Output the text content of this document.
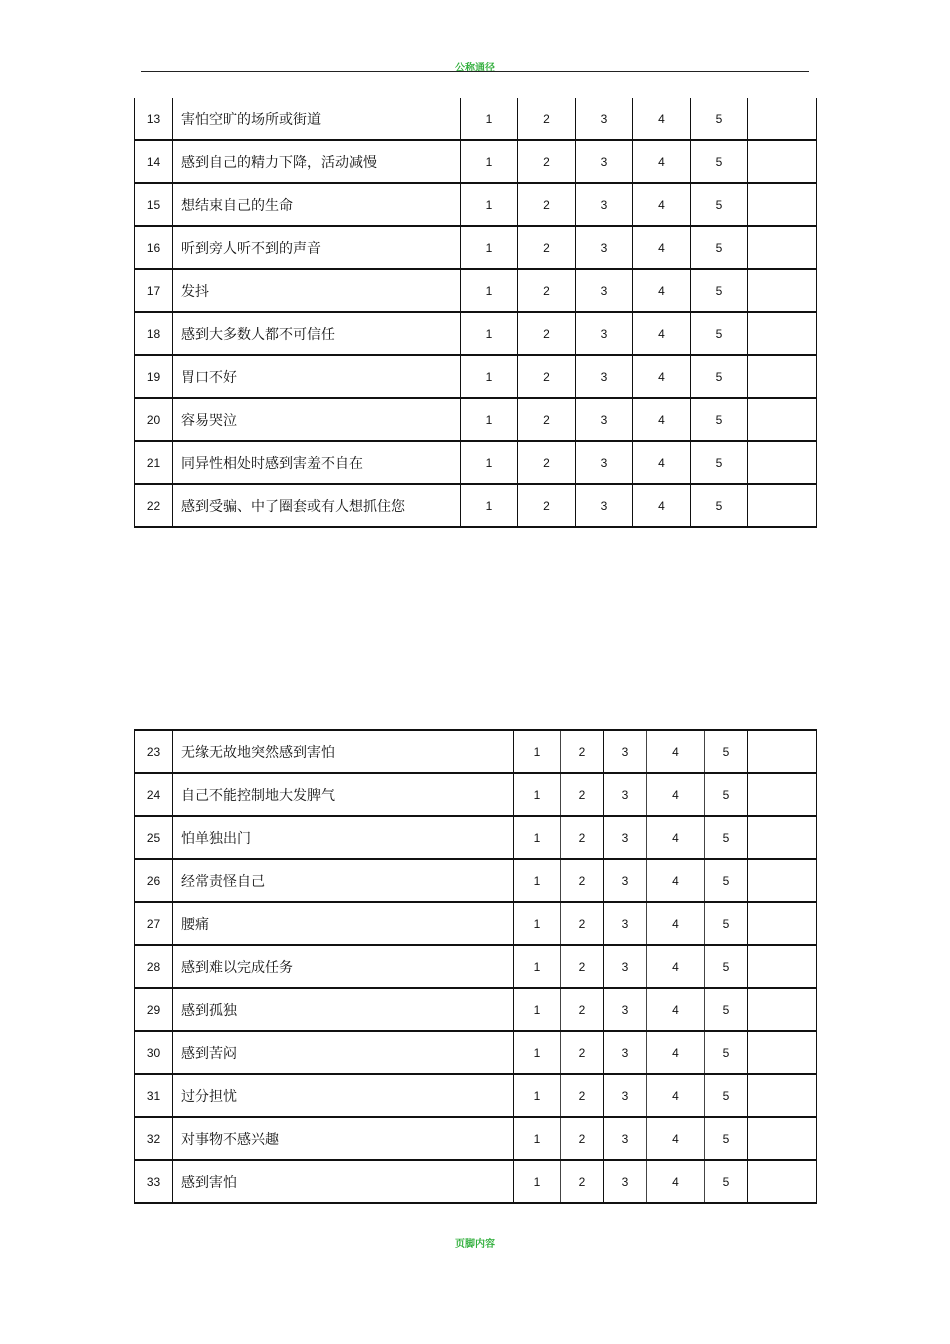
公称通径
13	害怕空旷的场所或街道	1	2	3	4	5	
14	感到自己的精力下降，活动减慢	1	2	3	4	5	
15	想结束自己的生命	1	2	3	4	5	
16	听到旁人听不到的声音	1	2	3	4	5	
17	发抖	1	2	3	4	5	
18	感到大多数人都不可信任	1	2	3	4	5	
19	胃口不好	1	2	3	4	5	
20	容易哭泣	1	2	3	4	5	
21	同异性相处时感到害羞不自在	1	2	3	4	5	
22	感到受骗、中了圈套或有人想抓住您	1	2	3	4	5	
23	无缘无故地突然感到害怕	1	2	3	4	5	
24	自己不能控制地大发脾气	1	2	3	4	5	
25	怕单独出门	1	2	3	4	5	
26	经常责怪自己	1	2	3	4	5	
27	腰痛	1	2	3	4	5	
28	感到难以完成任务	1	2	3	4	5	
29	感到孤独	1	2	3	4	5	
30	感到苦闷	1	2	3	4	5	
31	过分担忧	1	2	3	4	5	
32	对事物不感兴趣	1	2	3	4	5	
33	感到害怕	1	2	3	4	5	
页脚内容
